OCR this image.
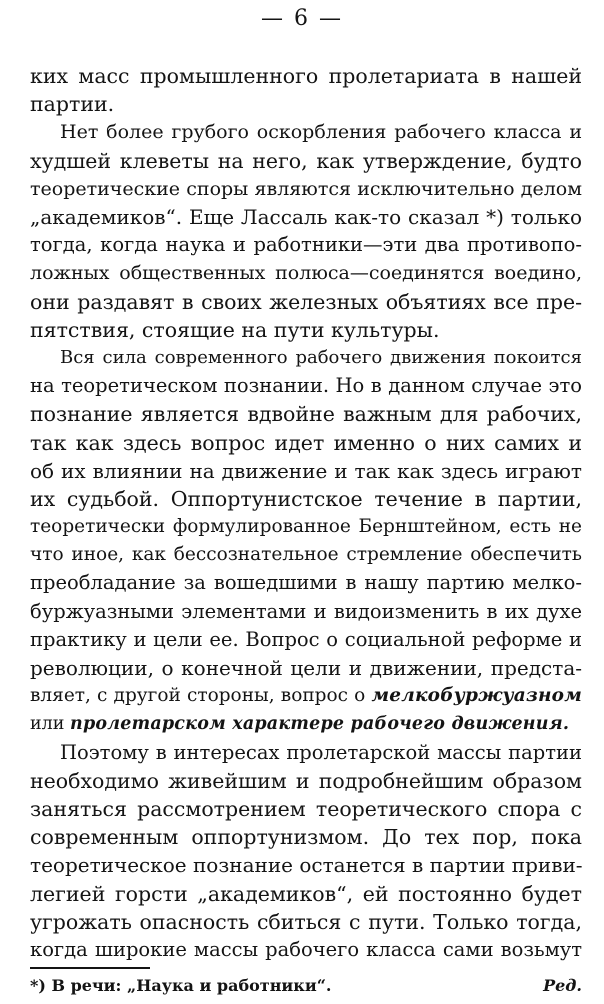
— 6 —
ких масс промышленного пролетариата в нашей
партии.
Нет более грубого оскорбления рабочего класса и
худшей клеветы на него, как утверждение, будто
теоретические споры являются исключительно делом
„академиков“. Еще Лассаль как-то сказал *) только
тогда, когда наука и работники—эти два противопо-
ложных общественных полюса—соединятся воедино,
они раздавят в своих железных объятиях все пре-
пятствия, стоящие на пути культуры.
Вся сила современного рабочего движения покоится
на теоретическом познании. Но в данном случае это
познание является вдвойне важным для рабочих,
так как здесь вопрос идет именно о них самих и
об их влиянии на движение и так как здесь играют
их судьбой. Оппортунистское течение в партии,
теоретически формулированное Бернштейном, есть не
что иное, как бессознательное стремление обеспечить
преобладание за вошедшими в нашу партию мелко-
буржуазными элементами и видоизменить в их духе
практику и цели ее. Вопрос о социальной реформе и
революции, о конечной цели и движении, предста-
вляет, с другой стороны, вопрос о мелкобуржуазном
или пролетарском характере рабочего движения.
Поэтому в интересах пролетарской массы партии
необходимо живейшим и подробнейшим образом
заняться рассмотрением теоретического спора с
современным оппортунизмом. До тех пор, пока
теоретическое познание останется в партии приви-
*) В речи: „Наука и работники“.	Ред.
легией горсти „академиков“, ей постоянно будет
угрожать опасность сбиться с пути. Только тогда,
когда широкие массы рабочего класса сами возьмут
